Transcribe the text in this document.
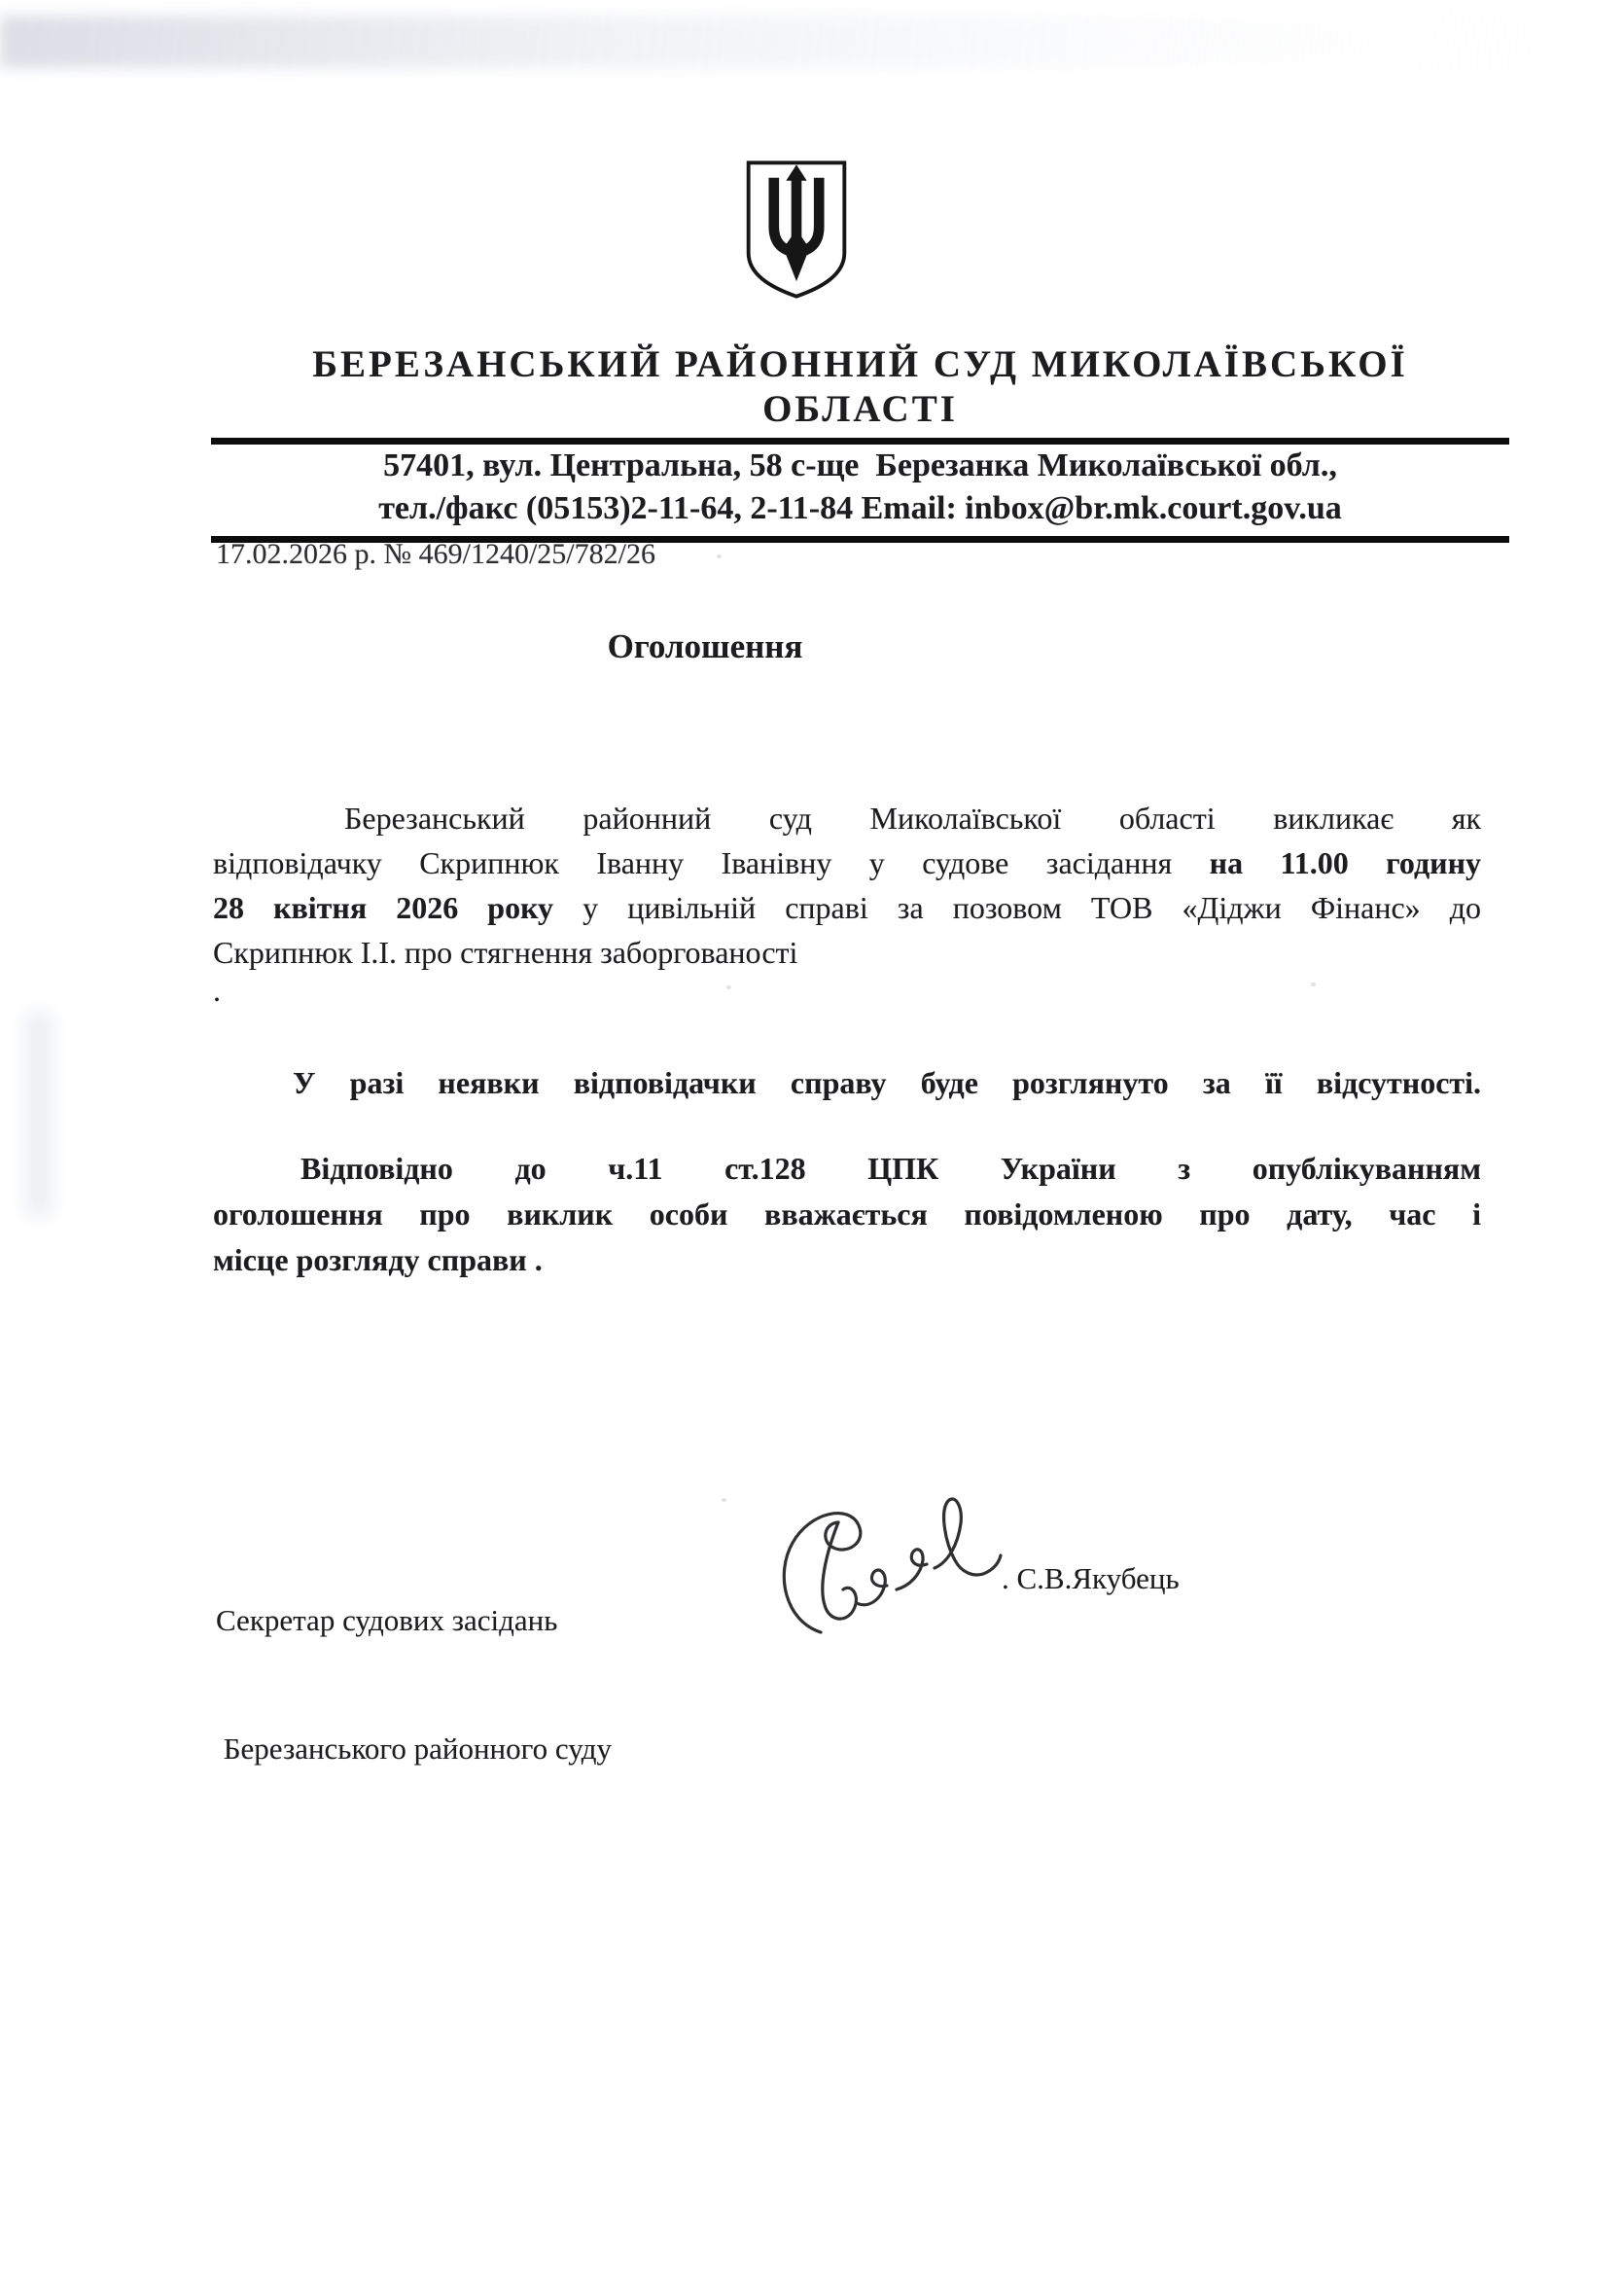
БЕРЕЗАНСЬКИЙ РАЙОННИЙ СУД МИКОЛАЇВСЬКОЇ ОБЛАСТІ
57401, вул. Центральна, 58 с-ще  Березанка Миколаївської обл.,
тел./факс (05153)2-11-64, 2-11-84 Email: inbox@br.mk.court.gov.ua
17.02.2026 р. № 469/1240/25/782/26
Оголошення
Березанський районний суд Миколаївської області викликає як
відповідачку Скрипнюк Іванну Іванівну у судове засідання на 11.00 годину
28 квітня 2026 року у цивільній справі за позовом ТОВ «Діджи Фінанс» до
Скрипнюк І.І. про стягнення заборгованості
.
У разі неявки відповідачки справу буде розглянуто за її відсутності.
Відповідно до ч.11 ст.128 ЦПК України з опублікуванням
оголошення про виклик особи вважається повідомленою про дату, час і
місце розгляду справи .

Секретар судових засідань

Березанського районного суду

. С.В.Якубець
